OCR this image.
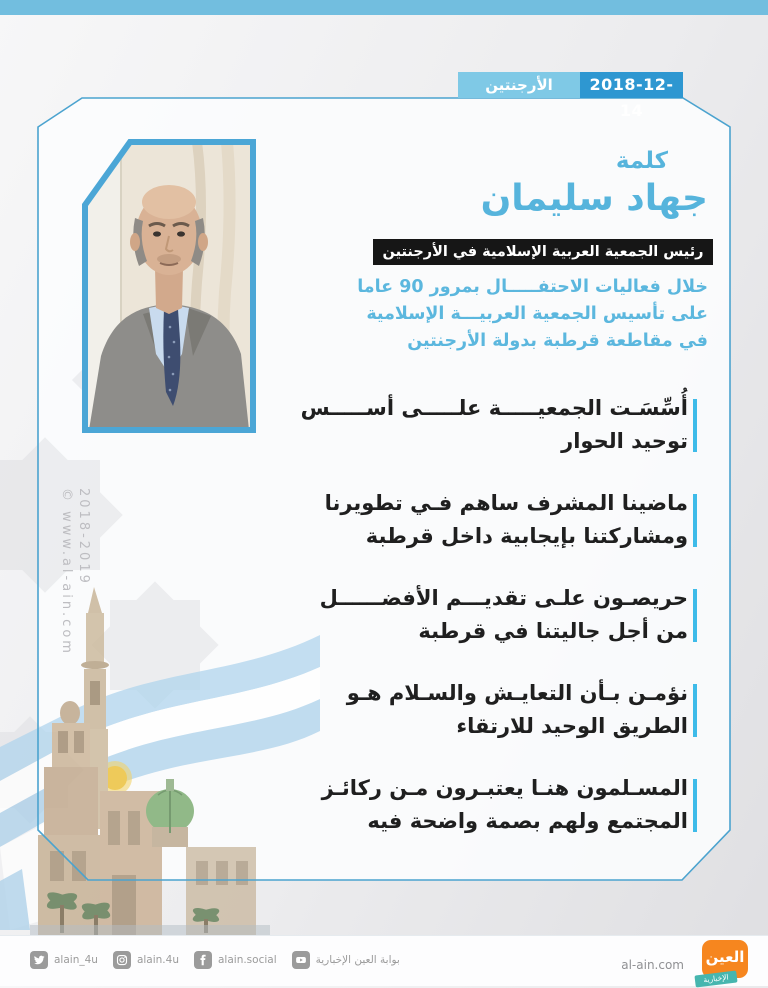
الأرجنتين	2018-12-14
كلمة
جهاد سليمان
رئيس الجمعية العربية الإسلامية في الأرجنتين
خلال فعاليات الاحتفـــــال بمرور 90 عاما
على تأسيس الجمعية العربيـــة الإسلامية
في مقاطعة قرطبة بدولة الأرجنتين
أُسِّسَـت الجمعيـــــة علـــــى أســـــس
توحيد الحوار
ماضينا المشرف ساهم فـي تطويرنا
ومشاركتنا بإيجابية داخل قرطبة
حريصـون علـى تقديـــم الأفضــــــل
من أجل جاليتنا في قرطبة
نؤمـن بـأن التعايـش والسـلام هـو
الطريق الوحيد للارتقاء
المسـلمون هنـا يعتبـرون مـن ركائـز
المجتمع ولهم بصمة واضحة فيه
2018-2019
© www.al-ain.com
alain_4u	alain.4u	alain.social	بوابة العين الإخبارية	al-ain.com العين
الإخبارية
